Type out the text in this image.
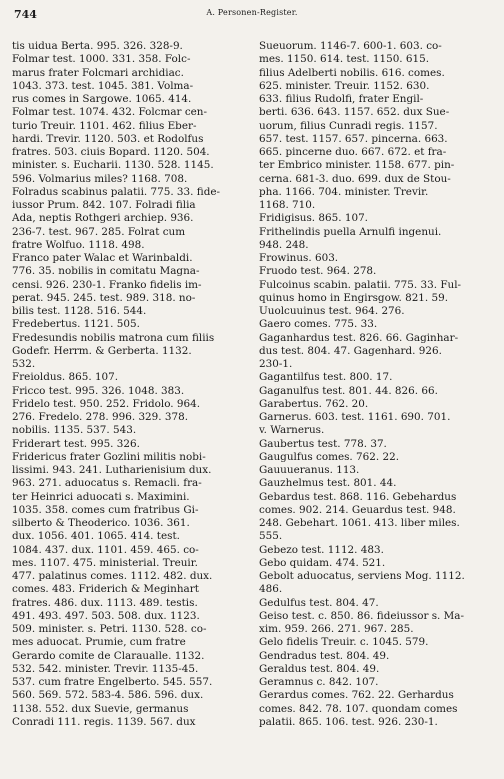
744	A. Personen-Register.
tis uidua Berta. 995. 326. 328-9.
Folmar test. 1000. 331. 358. Folc-
marus frater Folcmari archidiac.
1043. 373. test. 1045. 381. Volma-
rus comes in Sargowe. 1065. 414.
Folmar test. 1074. 432. Folcmar cen-
turio Treuir. 1101. 462. filius Eber-
hardi. Trevir. 1120. 503. et Rodolfus
fratres. 503. ciuis Bopard. 1120. 504.
minister. s. Eucharii. 1130. 528. 1145.
596. Volmarius miles? 1168. 708.
Folradus scabinus palatii. 775. 33. fide-
iussor Prum. 842. 107. Folradi filia
Ada, neptis Rothgeri archiep. 936.
236-7. test. 967. 285. Folrat cum
fratre Wolfuo. 1118. 498.
Franco pater Walac et Warinbaldi.
776. 35. nobilis in comitatu Magna-
censi. 926. 230-1. Franko fidelis im-
perat. 945. 245. test. 989. 318. no-
bilis test. 1128. 516. 544.
Fredebertus. 1121. 505.
Fredesundis nobilis matrona cum filiis
Godefr. Herrm. & Gerberta. 1132.
532.
Freioldus. 865. 107.
Fricco test. 995. 326. 1048. 383.
Fridelo test. 950. 252. Fridolo. 964.
276. Fredelo. 278. 996. 329. 378.
nobilis. 1135. 537. 543.
Friderart test. 995. 326.
Fridericus frater Gozlini militis nobi-
lissimi. 943. 241. Lutharienisium dux.
963. 271. aduocatus s. Remacli. fra-
ter Heinrici aduocati s. Maximini.
1035. 358. comes cum fratribus Gi-
silberto & Theoderico. 1036. 361.
dux. 1056. 401. 1065. 414. test.
1084. 437. dux. 1101. 459. 465. co-
mes. 1107. 475. ministerial. Treuir.
477. palatinus comes. 1112. 482. dux.
comes. 483. Friderich & Meginhart
fratres. 486. dux. 1113. 489. testis.
491. 493. 497. 503. 508. dux. 1123.
509. minister. s. Petri. 1130. 528. co-
mes aduocat. Prumie, cum fratre
Gerardo comite de Claraualle. 1132.
532. 542. minister. Trevir. 1135-45.
537. cum fratre Engelberto. 545. 557.
560. 569. 572. 583-4. 586. 596. dux.
1138. 552. dux Suevie, germanus
Conradi 111. regis. 1139. 567. dux
Sueuorum. 1146-7. 600-1. 603. co-
mes. 1150. 614. test. 1150. 615.
filius Adelberti nobilis. 616. comes.
625. minister. Treuir. 1152. 630.
633. filius Rudolfi, frater Engil-
berti. 636. 643. 1157. 652. dux Sue-
uorum, filius Cunradi regis. 1157.
657. test. 1157. 657. pincerna. 663.
665. pincerne duo. 667. 672. et fra-
ter Embrico minister. 1158. 677. pin-
cerna. 681-3. duo. 699. dux de Stou-
pha. 1166. 704. minister. Trevir.
1168. 710.
Fridigisus. 865. 107.
Frithelindis puella Arnulfi ingenui.
948. 248.
Frowinus. 603.
Fruodo test. 964. 278.
Fulcoinus scabin. palatii. 775. 33. Ful-
quinus homo in Engirsgow. 821. 59.
Uuolcuuinus test. 964. 276.
Gaero comes. 775. 33.
Gaganhardus test. 826. 66. Gaginhar-
dus test. 804. 47. Gagenhard. 926.
230-1.
Gagantilfus test. 800. 17.
Gaganulfus test. 801. 44. 826. 66.
Garabertus. 762. 20.
Garnerus. 603. test. 1161. 690. 701.
v. Warnerus.
Gaubertus test. 778. 37.
Gaugulfus comes. 762. 22.
Gauuueranus. 113.
Gauzhelmus test. 801. 44.
Gebardus test. 868. 116. Gebehardus
comes. 902. 214. Geuardus test. 948.
248. Gebehart. 1061. 413. liber miles.
555.
Gebezo test. 1112. 483.
Gebo quidam. 474. 521.
Gebolt aduocatus, serviens Mog. 1112.
486.
Gedulfus test. 804. 47.
Geiso test. c. 850. 86. fideiussor s. Ma-
xim. 959. 266. 271. 967. 285.
Gelo fidelis Treuir. c. 1045. 579.
Gendradus test. 804. 49.
Geraldus test. 804. 49.
Geramnus c. 842. 107.
Gerardus comes. 762. 22. Gerhardus
comes. 842. 78. 107. quondam comes
palatii. 865. 106. test. 926. 230-1.
